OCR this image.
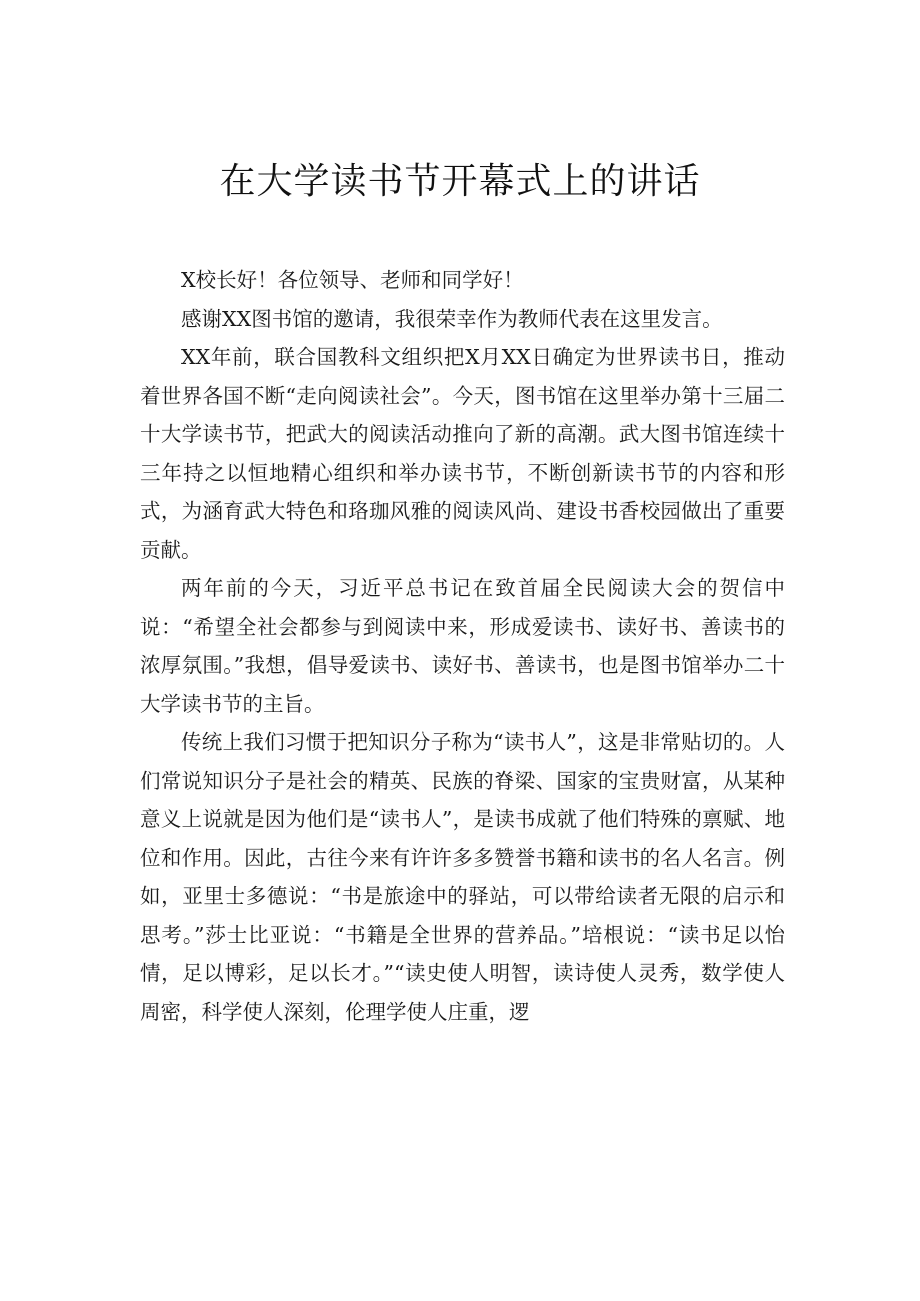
在大学读书节开幕式上的讲话

X校长好！各位领导、老师和同学好！

感谢XX图书馆的邀请，我很荣幸作为教师代表在这里发言。

XX年前，联合国教科文组织把X月XX日确定为世界读书日，推动着世界各国不断“走向阅读社会”。今天，图书馆在这里举办第十三届二十大学读书节，把武大的阅读活动推向了新的高潮。武大图书馆连续十三年持之以恒地精心组织和举办读书节，不断创新读书节的内容和形式，为涵育武大特色和珞珈风雅的阅读风尚、建设书香校园做出了重要贡献。

两年前的今天，习近平总书记在致首届全民阅读大会的贺信中说：“希望全社会都参与到阅读中来，形成爱读书、读好书、善读书的浓厚氛围。”我想，倡导爱读书、读好书、善读书，也是图书馆举办二十大学读书节的主旨。

传统上我们习惯于把知识分子称为“读书人”，这是非常贴切的。人们常说知识分子是社会的精英、民族的脊梁、国家的宝贵财富，从某种意义上说就是因为他们是“读书人”，是读书成就了他们特殊的禀赋、地位和作用。因此，古往今来有许许多多赞誉书籍和读书的名人名言。例如，亚里士多德说：“书是旅途中的驿站，可以带给读者无限的启示和思考。”莎士比亚说：“书籍是全世界的营养品。”培根说：“读书足以怡情，足以博彩，足以长才。”“读史使人明智，读诗使人灵秀，数学使人周密，科学使人深刻，伦理学使人庄重，逻
